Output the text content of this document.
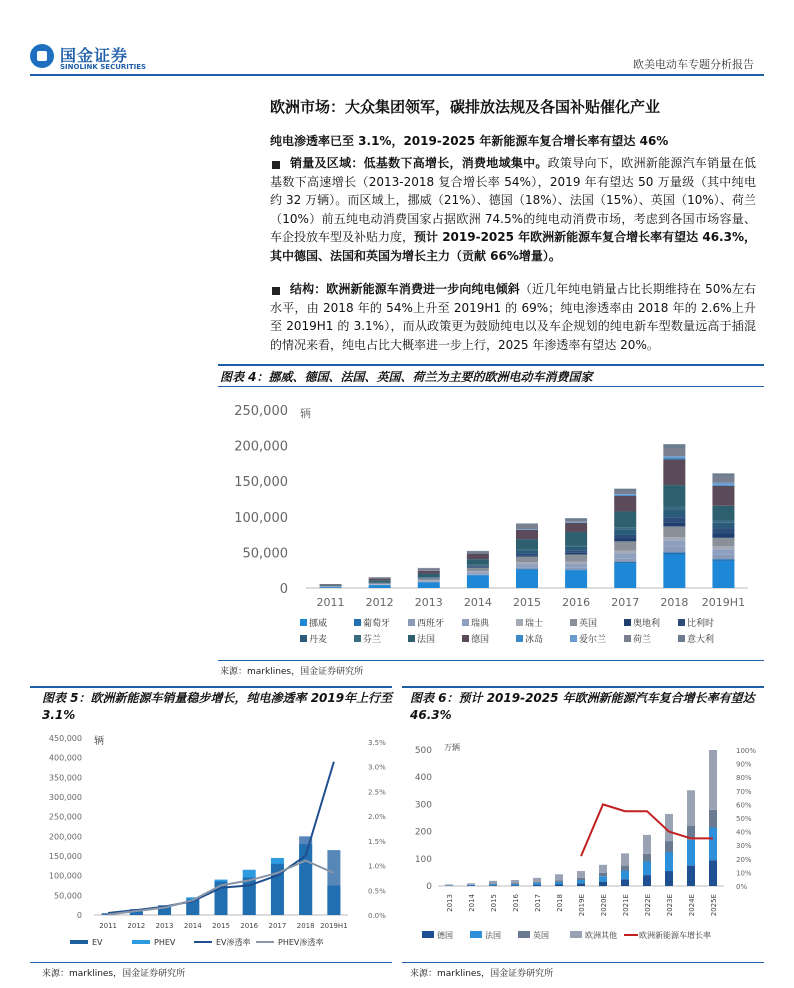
国金证券
SINOLINK SECURITIES	欧美电动车专题分析报告
欧洲市场：大众集团领军，碳排放法规及各国补贴催化产业
纯电渗透率已至 3.1%，2019-2025 年新能源车复合增长率有望达 46%
销量及区域：低基数下高增长，消费地域集中。政策导向下，欧洲新能源汽车销量在低基数下高速增长（2013-2018 复合增长率 54%），2019 年有望达 50 万量级（其中纯电约 32 万辆）。而区域上，挪威（21%）、德国（18%）、法国（15%）、英国（10%）、荷兰（10%）前五纯电动消费国家占据欧洲 74.5%的纯电动消费市场，考虑到各国市场容量、车企投放车型及补贴力度，预计 2019-2025 年欧洲新能源车复合增长率有望达 46.3%，其中德国、法国和英国为增长主力（贡献 66%增量）。
结构：欧洲新能源车消费进一步向纯电倾斜（近几年纯电销量占比长期维持在 50%左右水平，由 2018 年的 54%上升至 2019H1 的 69%；纯电渗透率由 2018 年的 2.6%上升至 2019H1 的 3.1%），而从政策更为鼓励纯电以及车企规划的纯电新车型数量远高于插混的情况来看，纯电占比大概率进一步上行，2025 年渗透率有望达 20%。
图表 4：挪威、德国、法国、英国、荷兰为主要的欧洲电动车消费国家
250,000
200,000
150,000
100,000
50,000
0
辆
2011 2012 2013 2014 2015 2016 2017 2018 2019H1
挪威	葡萄牙	西班牙	瑞典	瑞士	英国	奥地利	比利时
丹麦	芬兰	法国	德国	冰岛	爱尔兰	荷兰	意大利
来源：marklines，国金证券研究所
图表 5：欧洲新能源车销量稳步增长，纯电渗透率 2019年上行至 3.1%
450,000
400,000
350,000
300,000
250,000
200,000
150,000
100,000
50,000
0
辆	3.5%
3.0%
2.5%
2.0%
1.5%
1.0%
0.5%
0.0%
2011 2012 2013 2014 2015 2016 2017 2018 2019H1
EV	PHEV	EV渗透率	PHEV渗透率
来源：marklines，国金证券研究所
图表 6：预计 2019-2025 年欧洲新能源汽车复合增长率有望达 46.3%
500
400
300
200
100
0
万辆	100%
90%
80%
70%
60%
50%
40%
30%
20%
10%
0%
2013 2014 2015 2016 2017 2018 2019E 2020E 2021E 2022E 2023E 2024E 2025E
德国	法国	英国	欧洲其他	欧洲新能源车增长率
来源：marklines，国金证券研究所
